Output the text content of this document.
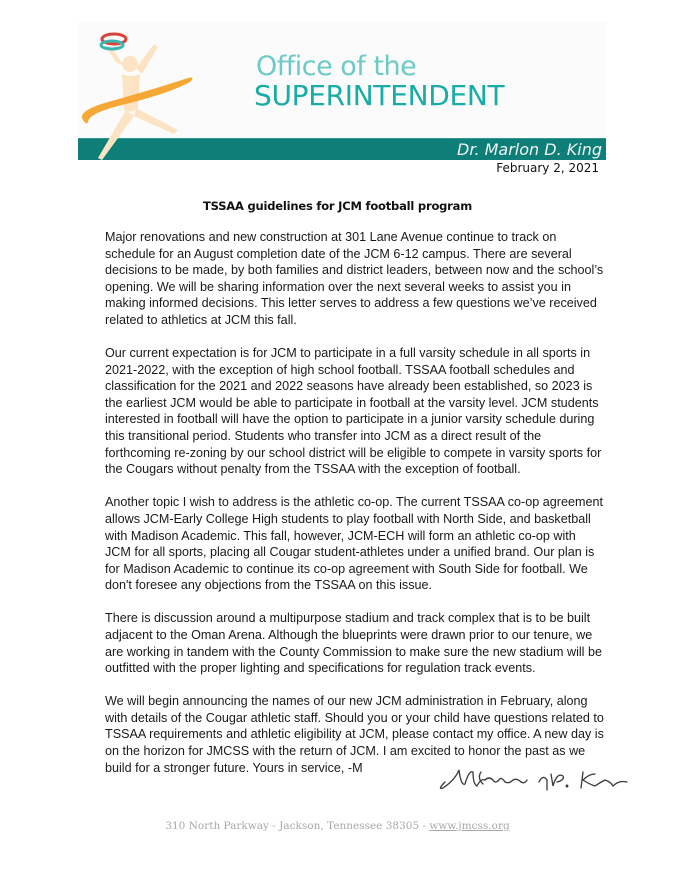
Office of the
SUPERINTENDENT
Dr. Marlon D. King
February 2, 2021
TSSAA guidelines for JCM football program

Major renovations and new construction at 301 Lane Avenue continue to track on schedule for an August completion date of the JCM 6-12 campus. There are several decisions to be made, by both families and district leaders, between now and the school’s opening. We will be sharing information over the next several weeks to assist you in making informed decisions. This letter serves to address a few questions we’ve received related to athletics at JCM this fall.

Our current expectation is for JCM to participate in a full varsity schedule in all sports in 2021-2022, with the exception of high school football. TSSAA football schedules and classification for the 2021 and 2022 seasons have already been established, so 2023 is the earliest JCM would be able to participate in football at the varsity level. JCM students interested in football will have the option to participate in a junior varsity schedule during this transitional period. Students who transfer into JCM as a direct result of the forthcoming re-zoning by our school district will be eligible to compete in varsity sports for the Cougars without penalty from the TSSAA with the exception of football.

Another topic I wish to address is the athletic co-op. The current TSSAA co-op agreement allows JCM-Early College High students to play football with North Side, and basketball with Madison Academic. This fall, however, JCM-ECH will form an athletic co-op with JCM for all sports, placing all Cougar student-athletes under a unified brand. Our plan is for Madison Academic to continue its co-op agreement with South Side for football. We don't foresee any objections from the TSSAA on this issue.

There is discussion around a multipurpose stadium and track complex that is to be built adjacent to the Oman Arena. Although the blueprints were drawn prior to our tenure, we are working in tandem with the County Commission to make sure the new stadium will be outfitted with the proper lighting and specifications for regulation track events.

We will begin announcing the names of our new JCM administration in February, along with details of the Cougar athletic staff. Should you or your child have questions related to TSSAA requirements and athletic eligibility at JCM, please contact my office. A new day is on the horizon for JMCSS with the return of JCM. I am excited to honor the past as we build for a stronger future. Yours in service, -M

310 North Parkway - Jackson, Tennessee 38305 - www.jmcss.org
